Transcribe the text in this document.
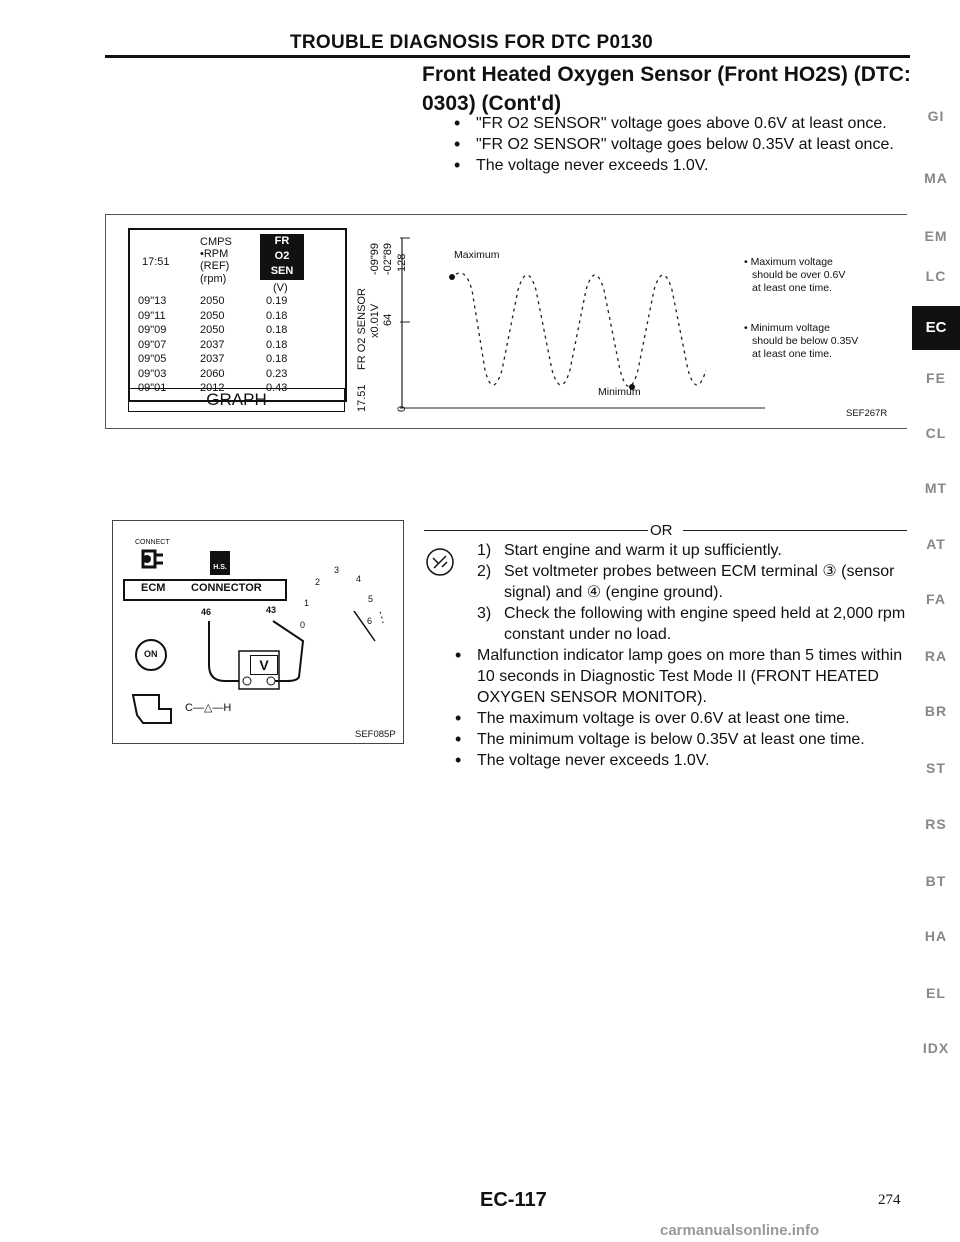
TROUBLE DIAGNOSIS FOR DTC P0130
Front Heated Oxygen Sensor (Front HO2S) (DTC:
0303) (Cont'd)
• "FR O2 SENSOR" voltage goes above 0.6V at least once.
• "FR O2 SENSOR" voltage goes below 0.35V at least once.
• The voltage never exceeds 1.0V.
CMPS
•RPM
(REF)
(rpm)
17:51
FR
O2
SEN
(V)
09"13	2050	0.19
09"11	2050	0.18
09"09	2050	0.18
09"07	2037	0.18
09"05	2037	0.18
09"03	2060	0.23
09"01	2012	0.43
GRAPH	17.51
FR O2 SENSOR
-09"99
x0.01V
-02"89
64
128
0
Maximum
Minimum
• Maximum voltage
should be over 0.6V
at least one time.
• Minimum voltage
should be below 0.35V
at least one time.
SEF267R
GI
MA
EM
LC
EC
FE
CL
MT
AT
FA
RA
BR
ST
RS
BT
HA
EL
IDX
CONNECT
H.S.
ECM CONNECTOR
46	43
V
ON
C—△—H
0
1
2
3
4
5
6
SEF085P
OR
1) Start engine and warm it up sufficiently.
2) Set voltmeter probes between ECM terminal ③ (sensor signal) and ④ (engine ground).
3) Check the following with engine speed held at 2,000 rpm constant under no load.
• Malfunction indicator lamp goes on more than 5 times within 10 seconds in Diagnostic Test Mode II (FRONT HEATED OXYGEN SENSOR MONITOR).
• The maximum voltage is over 0.6V at least one time.
• The minimum voltage is below 0.35V at least one time.
• The voltage never exceeds 1.0V.
EC-117	274
carmanualsonline.info
